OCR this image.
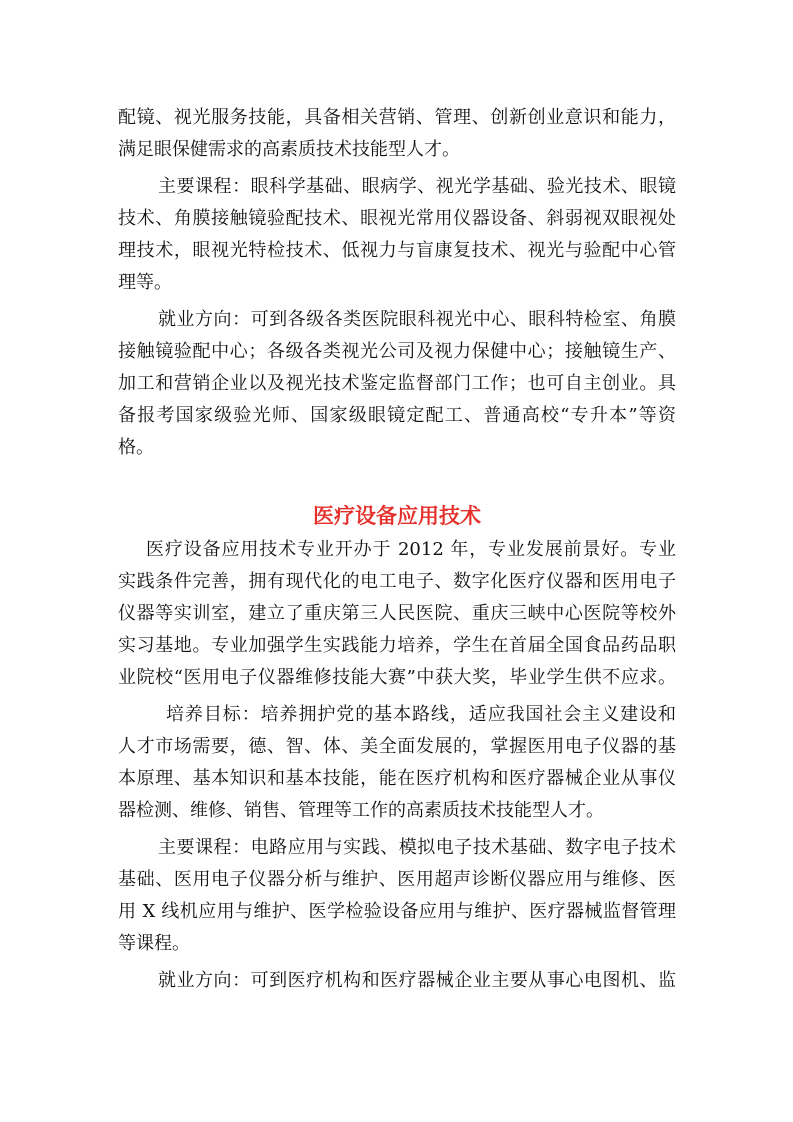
配镜、视光服务技能，具备相关营销、管理、创新创业意识和能力，
满足眼保健需求的高素质技术技能型人才。
主要课程：眼科学基础、眼病学、视光学基础、验光技术、眼镜
技术、角膜接触镜验配技术、眼视光常用仪器设备、斜弱视双眼视处
理技术，眼视光特检技术、低视力与盲康复技术、视光与验配中心管
理等。
就业方向：可到各级各类医院眼科视光中心、眼科特检室、角膜
接触镜验配中心；各级各类视光公司及视力保健中心；接触镜生产、
加工和营销企业以及视光技术鉴定监督部门工作；也可自主创业。具
备报考国家级验光师、国家级眼镜定配工、普通高校“专升本”等资
格。
医疗设备应用技术
医疗设备应用技术专业开办于 2012 年，专业发展前景好。专业
实践条件完善，拥有现代化的电工电子、数字化医疗仪器和医用电子
仪器等实训室，建立了重庆第三人民医院、重庆三峡中心医院等校外
实习基地。专业加强学生实践能力培养，学生在首届全国食品药品职
业院校“医用电子仪器维修技能大赛”中获大奖，毕业学生供不应求。
培养目标：培养拥护党的基本路线，适应我国社会主义建设和
人才市场需要，德、智、体、美全面发展的，掌握医用电子仪器的基
本原理、基本知识和基本技能，能在医疗机构和医疗器械企业从事仪
器检测、维修、销售、管理等工作的高素质技术技能型人才。
主要课程：电路应用与实践、模拟电子技术基础、数字电子技术
基础、医用电子仪器分析与维护、医用超声诊断仪器应用与维修、医
用 X 线机应用与维护、医学检验设备应用与维护、医疗器械监督管理
等课程。
就业方向：可到医疗机构和医疗器械企业主要从事心电图机、监
